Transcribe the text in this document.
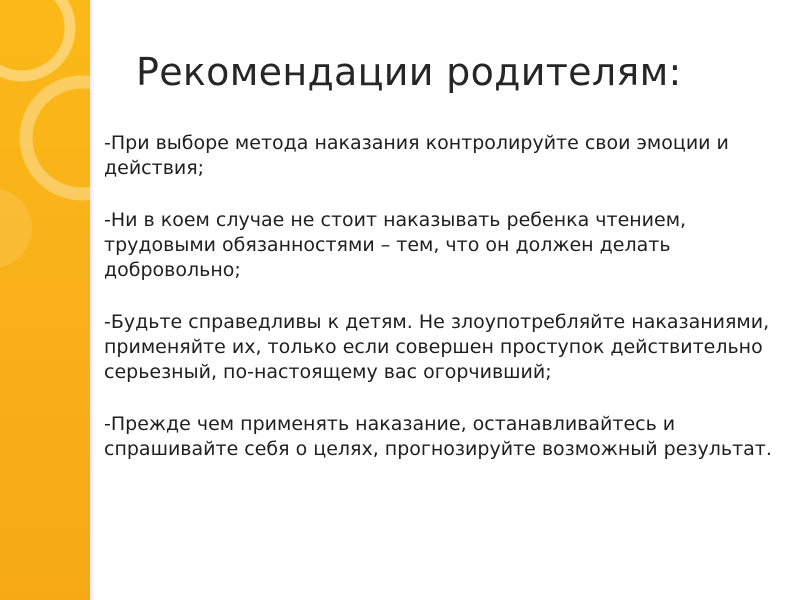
Рекомендации родителям:

-При выборе метода наказания контролируйте свои эмоции и действия;

-Ни в коем случае не стоит наказывать ребенка чтением, трудовыми обязанностями – тем, что он должен делать добровольно;

-Будьте справедливы к детям. Не злоупотребляйте наказаниями, применяйте их, только если совершен проступок действительно серьезный, по-настоящему вас огорчивший;

-Прежде чем применять наказание, останавливайтесь и спрашивайте себя о целях, прогнозируйте возможный результат.
